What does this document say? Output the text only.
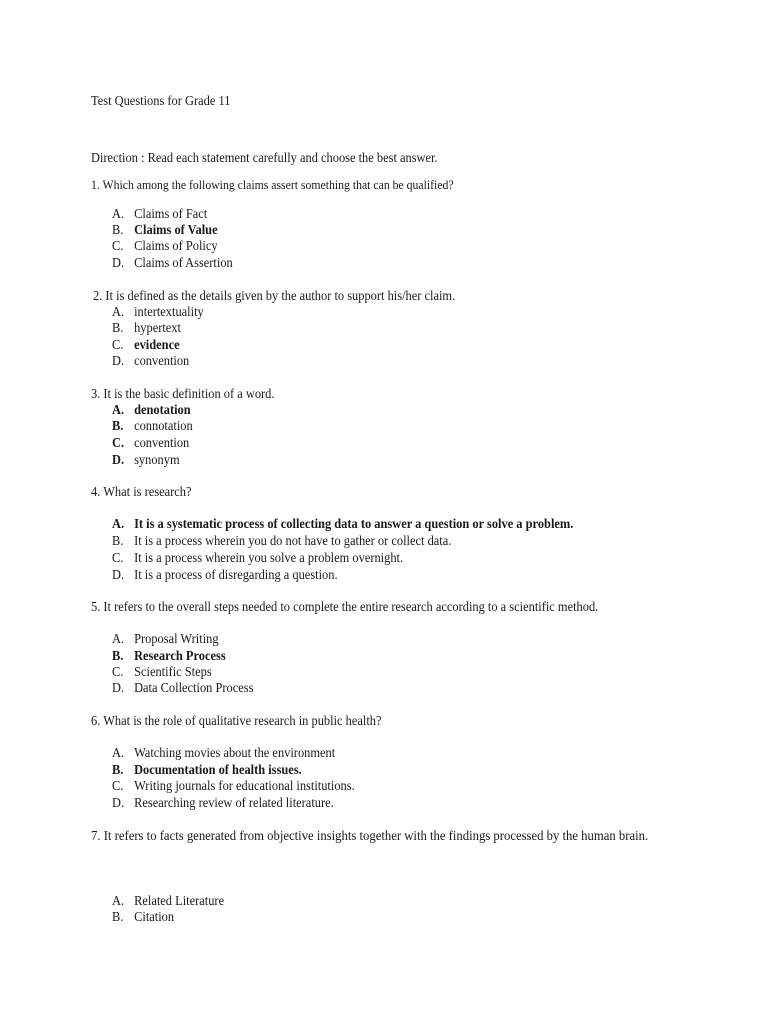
Test Questions for Grade 11

Direction : Read each statement carefully and choose the best answer.

1. Which among the following claims assert something that can be qualified?

A. Claims of Fact

B. Claims of Value

C. Claims of Policy

D. Claims of Assertion

2. It is defined as the details given by the author to support his/her claim.

A. intertextuality

B. hypertext

C. evidence

D. convention

3. It is the basic definition of a word.

A. denotation

B. connotation

C. convention

D. synonym

4. What is research?

A. It is a systematic process of collecting data to answer a question or solve a problem.

B. It is a process wherein you do not have to gather or collect data.

C. It is a process wherein you solve a problem overnight.

D. It is a process of disregarding a question.

5. It refers to the overall steps needed to complete the entire research according to a scientific method.

A. Proposal Writing

B. Research Process

C. Scientific Steps

D. Data Collection Process

6. What is the role of qualitative research in public health?

A. Watching movies about the environment

B. Documentation of health issues.

C. Writing journals for educational institutions.

D. Researching review of related literature.

7. It refers to facts generated from objective insights together with the findings processed by the human brain.

A. Related Literature

B. Citation
